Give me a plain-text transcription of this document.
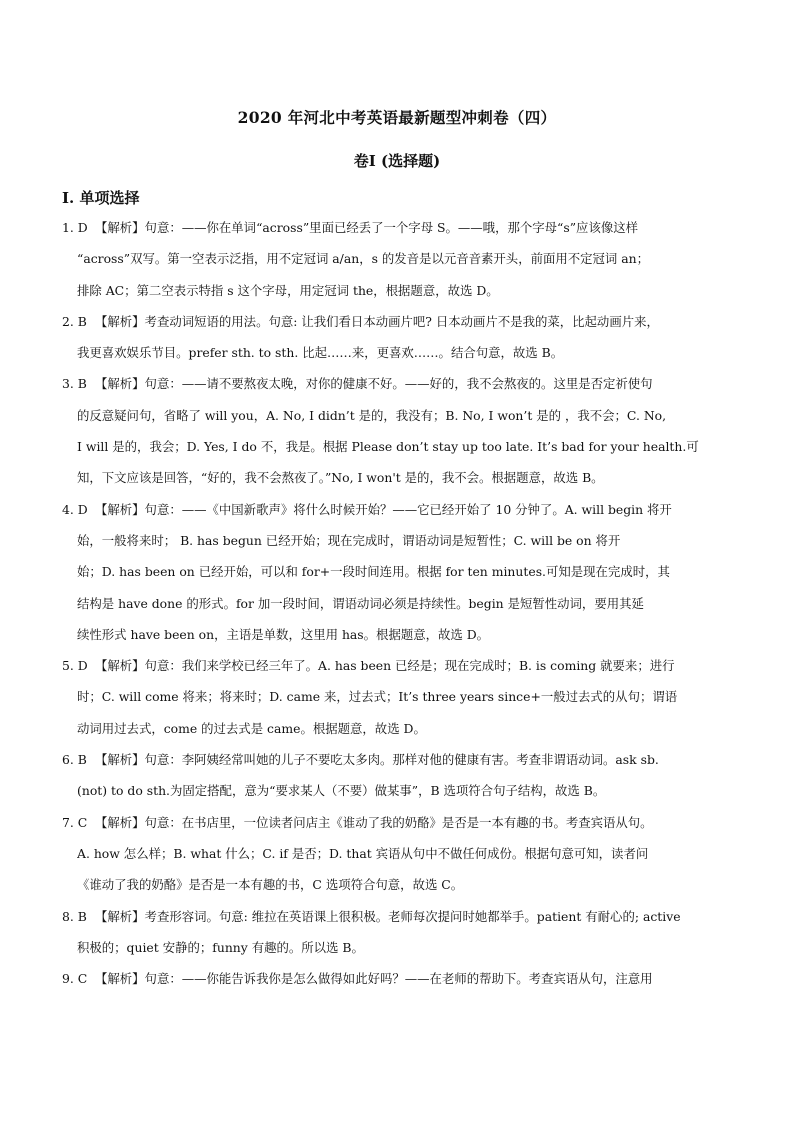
2020 年河北中考英语最新题型冲刺卷（四）
卷I (选择题)
I. 单项选择
1. D 【解析】句意：——你在单词“across”里面已经丢了一个字母 S。——哦，那个字母“s”应该像这样
“across”双写。第一空表示泛指，用不定冠词 a/an，s 的发音是以元音音素开头，前面用不定冠词 an；
排除 AC；第二空表示特指 s 这个字母，用定冠词 the，根据题意，故选 D。
2. B 【解析】考查动词短语的用法。句意: 让我们看日本动画片吧? 日本动画片不是我的菜，比起动画片来，
我更喜欢娱乐节目。prefer sth. to sth. 比起……来，更喜欢……。结合句意，故选 B。
3. B 【解析】句意：——请不要熬夜太晚，对你的健康不好。——好的，我不会熬夜的。这里是否定祈使句
的反意疑问句，省略了 will you，A. No, I didn’t 是的，我没有；B. No, I won’t 是的 ，我不会；C. No,
I will 是的，我会；D. Yes, I do 不，我是。根据 Please don’t stay up too late. It’s bad for your health.可
知，下文应该是回答，“好的，我不会熬夜了。”No, I won't 是的，我不会。根据题意，故选 B。
4. D 【解析】句意：——《中国新歌声》将什么时候开始？——它已经开始了 10 分钟了。A. will begin 将开
始，一般将来时； B. has begun 已经开始；现在完成时，谓语动词是短暂性；C. will be on 将开
始；D. has been on 已经开始，可以和 for+一段时间连用。根据 for ten minutes.可知是现在完成时，其
结构是 have done 的形式。for 加一段时间，谓语动词必须是持续性。begin 是短暂性动词，要用其延
续性形式 have been on，主语是单数，这里用 has。根据题意，故选 D。
5. D 【解析】句意：我们来学校已经三年了。A. has been 已经是；现在完成时；B. is coming 就要来；进行
时；C. will come 将来；将来时；D. came 来，过去式；It’s three years since+一般过去式的从句；谓语
动词用过去式，come 的过去式是 came。根据题意，故选 D。
6. B 【解析】句意：李阿姨经常叫她的儿子不要吃太多肉。那样对他的健康有害。考查非谓语动词。ask sb.
(not) to do sth.为固定搭配，意为“要求某人（不要）做某事”，B 选项符合句子结构，故选 B。
7. C 【解析】句意：在书店里，一位读者问店主《谁动了我的奶酪》是否是一本有趣的书。考查宾语从句。
A. how 怎么样；B. what 什么；C. if 是否；D. that 宾语从句中不做任何成份。根据句意可知，读者问
《谁动了我的奶酪》是否是一本有趣的书，C 选项符合句意，故选 C。
8. B 【解析】考查形容词。句意: 维拉在英语课上很积极。老师每次提问时她都举手。patient 有耐心的; active
积极的；quiet 安静的；funny 有趣的。所以选 B。
9. C 【解析】句意：——你能告诉我你是怎么做得如此好吗？——在老师的帮助下。考查宾语从句，注意用
